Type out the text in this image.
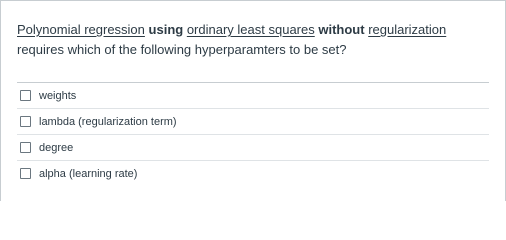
Polynomial regression using ordinary least squares without regularization requires which of the following hyperparamters to be set?
weights
lambda (regularization term)
degree
alpha (learning rate)
